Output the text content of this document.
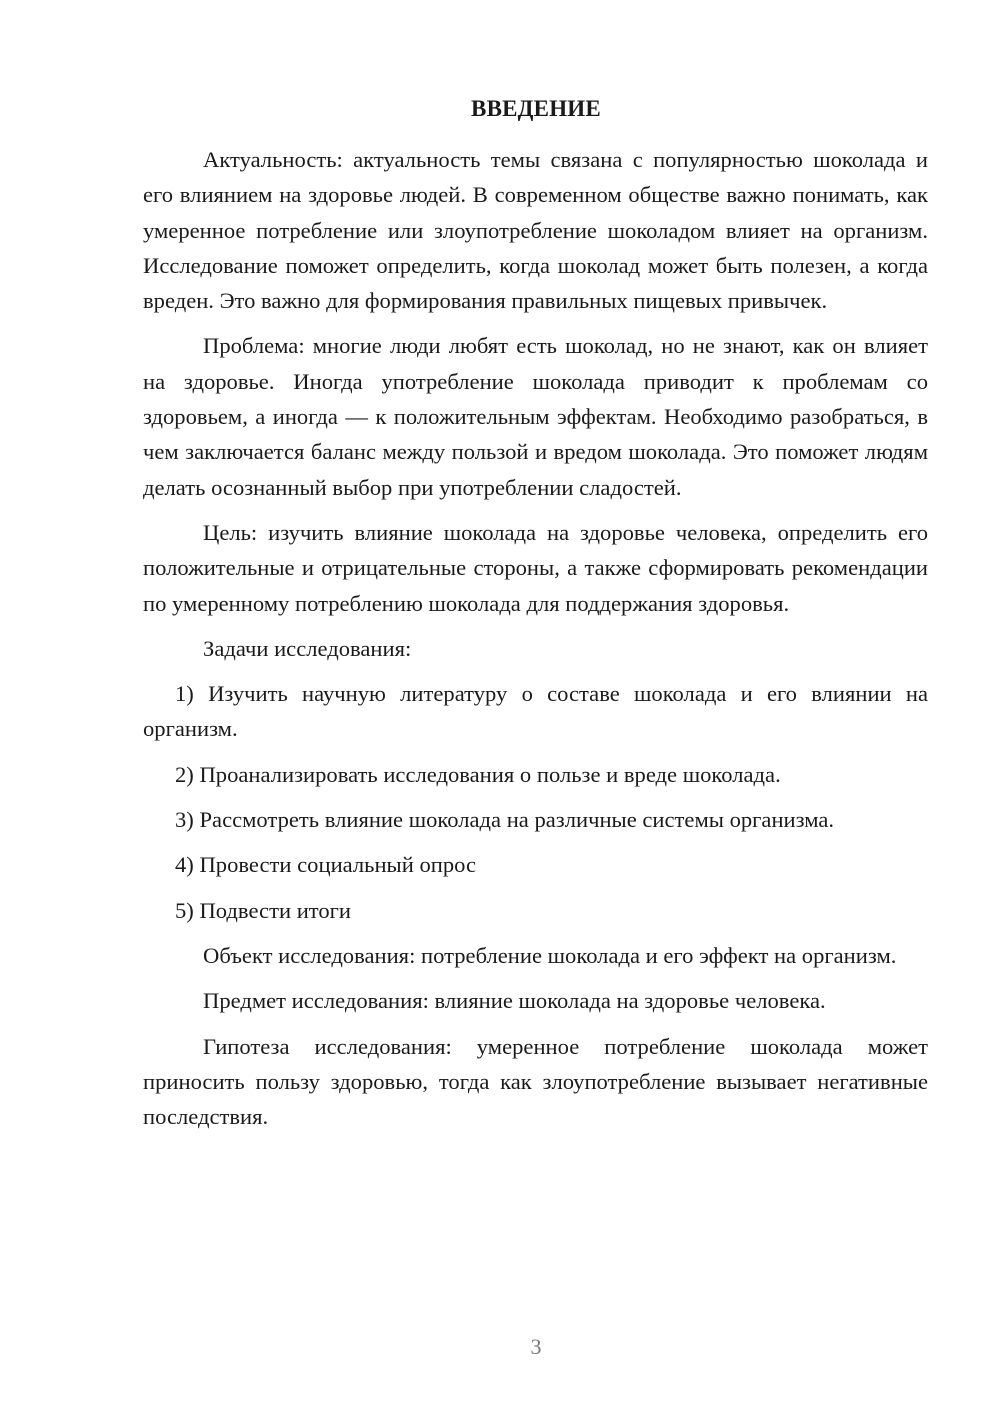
ВВЕДЕНИЕ

Актуальность: актуальность темы связана с популярностью шоколада и его влиянием на здоровье людей. В современном обществе важно понимать, как умеренное потребление или злоупотребление шоколадом влияет на организм. Исследование поможет определить, когда шоколад может быть полезен, а когда вреден. Это важно для формирования правильных пищевых привычек.

Проблема: многие люди любят есть шоколад, но не знают, как он влияет на здоровье. Иногда употребление шоколада приводит к проблемам со здоровьем, а иногда — к положительным эффектам. Необходимо разобраться, в чем заключается баланс между пользой и вредом шоколада. Это поможет людям делать осознанный выбор при употреблении сладостей.

Цель: изучить влияние шоколада на здоровье человека, определить его положительные и отрицательные стороны, а также сформировать рекомендации по умеренному потреблению шоколада для поддержания здоровья.

Задачи исследования:

1) Изучить научную литературу о составе шоколада и его влиянии на организм.

2) Проанализировать исследования о пользе и вреде шоколада.

3) Рассмотреть влияние шоколада на различные системы организма.

4) Провести социальный опрос

5) Подвести итоги

Объект исследования: потребление шоколада и его эффект на организм.

Предмет исследования: влияние шоколада на здоровье человека.

Гипотеза исследования: умеренное потребление шоколада может приносить пользу здоровью, тогда как злоупотребление вызывает негативные последствия.

3
